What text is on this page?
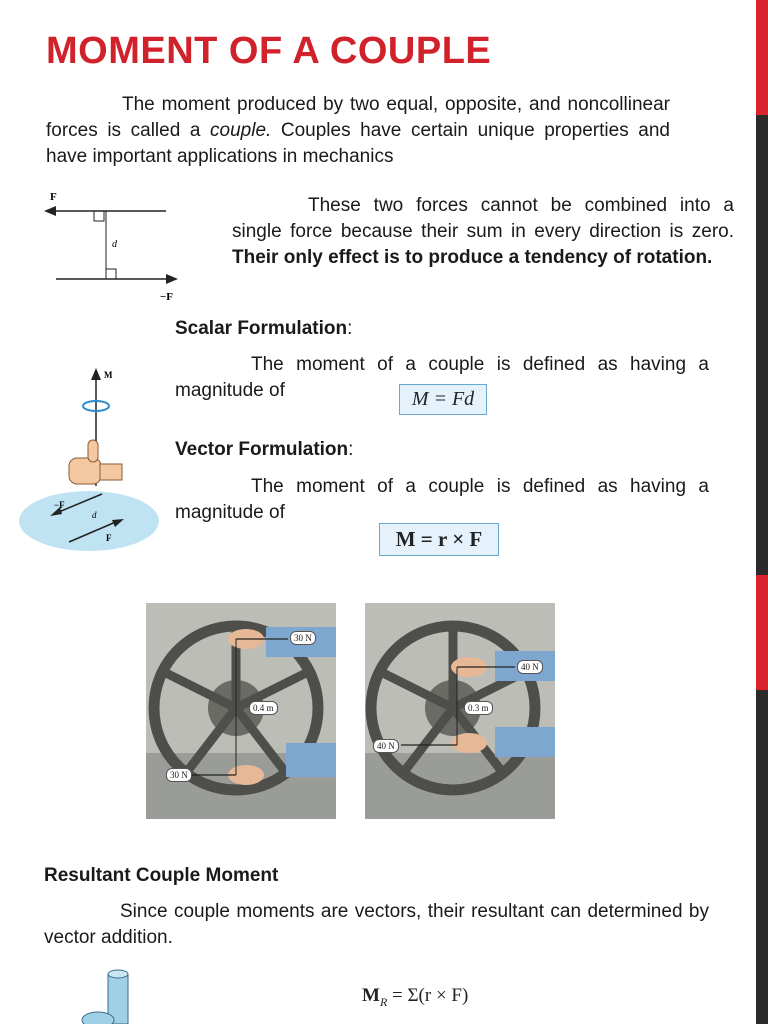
MOMENT OF A COUPLE
The moment produced by two equal, opposite, and noncollinear forces is called a couple. Couples have certain unique properties and have important applications in mechanics
F
d
−F
These two forces cannot be combined into a single force because their sum in every direction is zero. Their only effect is to produce a tendency of rotation.
Scalar Formulation:
The moment of a couple is defined as having a magnitude of	M = Fd
M
−F
d
F
Vector Formulation:
The moment of a couple is defined as having a magnitude of
M = r × F
30 N
0.4 m
30 N
40 N
0.3 m
40 N
Resultant Couple Moment
Since couple moments are vectors, their resultant can determined by vector addition.
$M_R = \Sigma(r \times F)$
